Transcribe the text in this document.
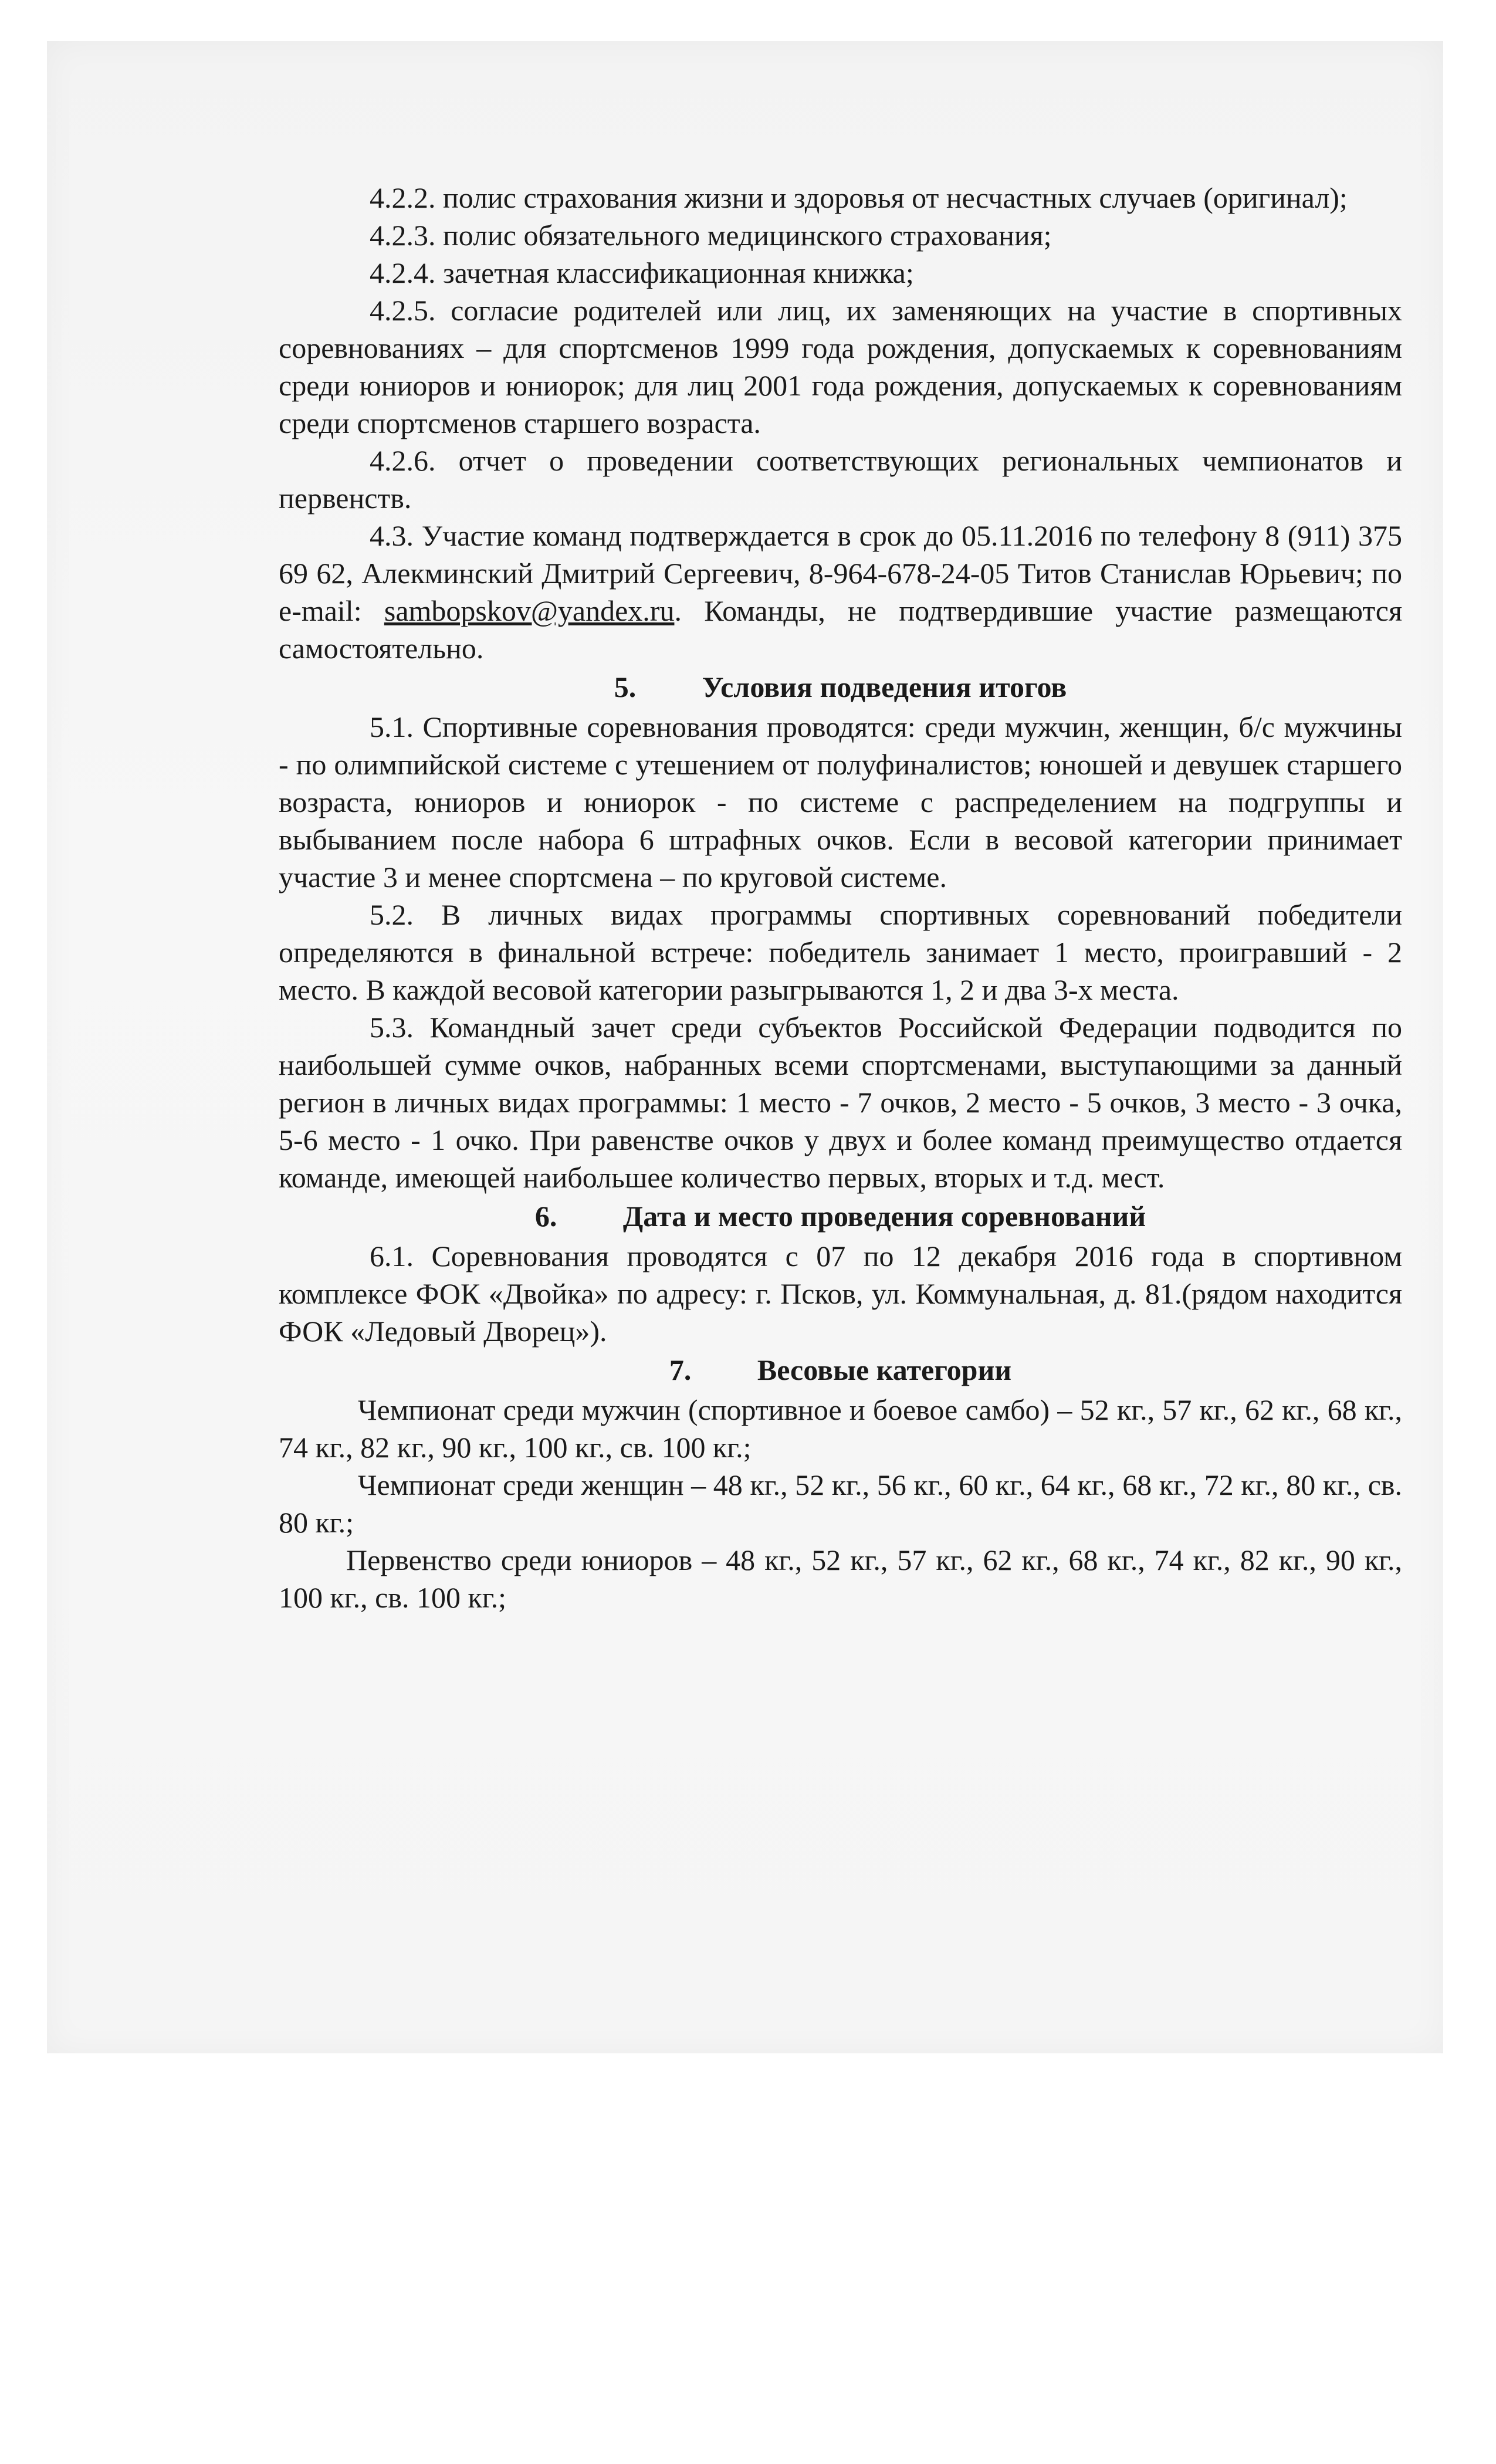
4.2.2. полис страхования жизни и здоровья от несчастных случаев (оригинал);

4.2.3. полис обязательного медицинского страхования;

4.2.4. зачетная классификационная книжка;

4.2.5. согласие родителей или лиц, их заменяющих на участие в спортивных соревнованиях – для спортсменов 1999 года рождения, допускаемых к соревнованиям среди юниоров и юниорок; для лиц 2001 года рождения, допускаемых к соревнованиям среди спортсменов старшего возраста.

4.2.6. отчет о проведении соответствующих региональных чемпионатов и первенств.

4.3. Участие команд подтверждается в срок до 05.11.2016 по телефону 8 (911) 375 69 62, Алекминский Дмитрий Сергеевич, 8-964-678-24-05 Титов Станислав Юрьевич; по e-mail: sambopskov@yandex.ru. Команды, не подтвердившие участие размещаются самостоятельно.

5. Условия подведения итогов

5.1. Спортивные соревнования проводятся: среди мужчин, женщин, б/с мужчины - по олимпийской системе с утешением от полуфиналистов; юношей и девушек старшего возраста, юниоров и юниорок - по системе с распределением на подгруппы и выбыванием после набора 6 штрафных очков. Если в весовой категории принимает участие 3 и менее спортсмена – по круговой системе.

5.2. В личных видах программы спортивных соревнований победители определяются в финальной встрече: победитель занимает 1 место, проигравший - 2 место. В каждой весовой категории разыгрываются 1, 2 и два 3-х места.

5.3. Командный зачет среди субъектов Российской Федерации подводится по наибольшей сумме очков, набранных всеми спортсменами, выступающими за данный регион в личных видах программы: 1 место - 7 очков, 2 место - 5 очков, 3 место - 3 очка, 5-6 место - 1 очко. При равенстве очков у двух и более команд преимущество отдается команде, имеющей наибольшее количество первых, вторых и т.д. мест.

6. Дата и место проведения соревнований

6.1. Соревнования проводятся с 07 по 12 декабря 2016 года в спортивном комплексе ФОК «Двойка» по адресу: г. Псков, ул. Коммунальная, д. 81.(рядом находится ФОК «Ледовый Дворец»).

7. Весовые категории

Чемпионат среди мужчин (спортивное и боевое самбо) – 52 кг., 57 кг., 62 кг., 68 кг., 74 кг., 82 кг., 90 кг., 100 кг., св. 100 кг.;

Чемпионат среди женщин – 48 кг., 52 кг., 56 кг., 60 кг., 64 кг., 68 кг., 72 кг., 80 кг., св. 80 кг.;

Первенство среди юниоров – 48 кг., 52 кг., 57 кг., 62 кг., 68 кг., 74 кг., 82 кг., 90 кг., 100 кг., св. 100 кг.;
